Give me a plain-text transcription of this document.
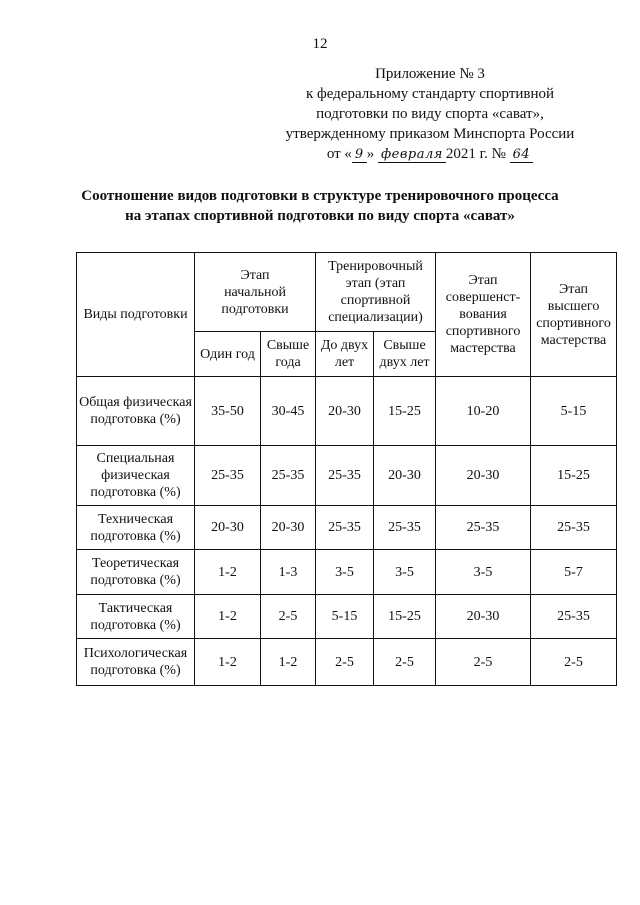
12
Приложение № 3
к федеральному стандарту спортивной
подготовки по виду спорта «сават»,
утвержденному приказом Минспорта России
от « 9 » февраля 2021 г. № 64
Соотношение видов подготовки в структуре тренировочного процесса
на этапах спортивной подготовки по виду спорта «сават»
Виды подготовки	Этап начальной подготовки		Тренировочный этап (этап спортивной специализации)		Этап совершенст-вования спортивного мастерства	Этап высшего спортивного мастерства
	Один год	Свыше года	До двух лет	Свыше двух лет		
Общая физическая подготовка (%)	35-50	30-45	20-30	15-25	10-20	5-15
Специальная физическая подготовка (%)	25-35	25-35	25-35	20-30	20-30	15-25
Техническая подготовка (%)	20-30	20-30	25-35	25-35	25-35	25-35
Теоретическая подготовка (%)	1-2	1-3	3-5	3-5	3-5	5-7
Тактическая подготовка (%)	1-2	2-5	5-15	15-25	20-30	25-35
Психологическая подготовка (%)	1-2	1-2	2-5	2-5	2-5	2-5
